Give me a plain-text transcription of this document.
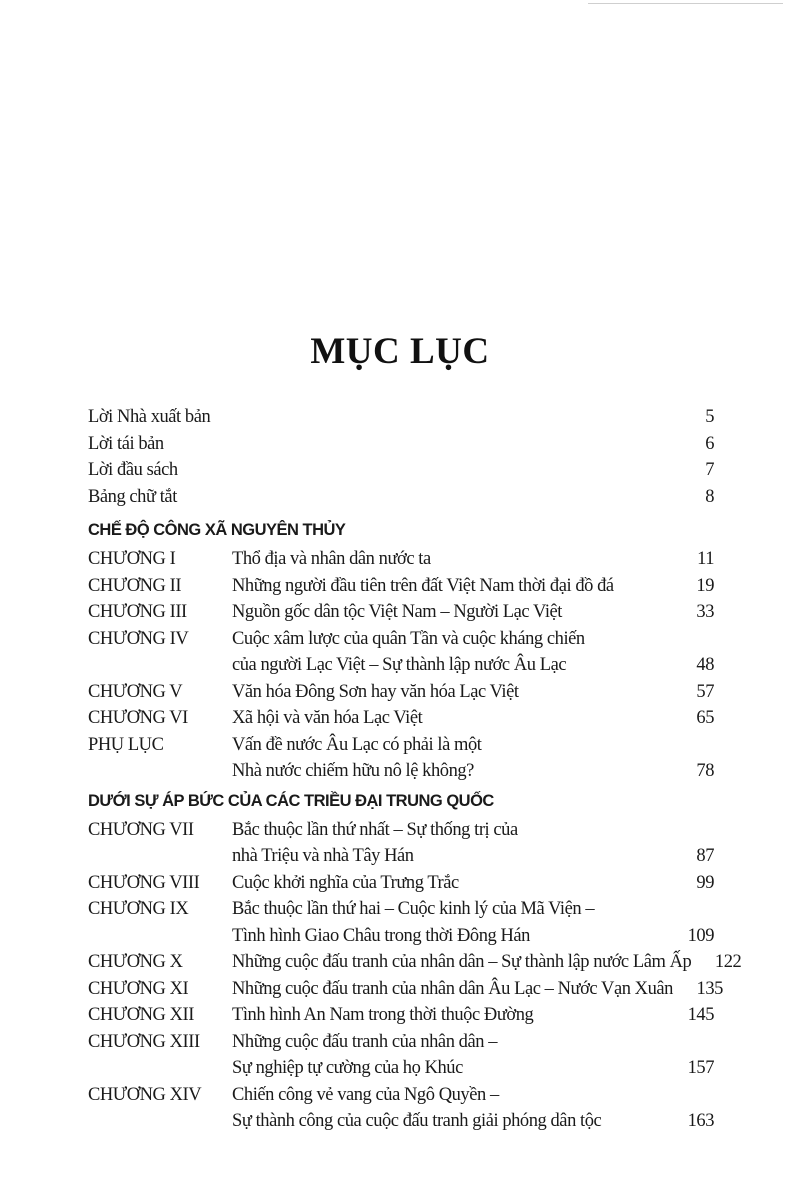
MỤC LỤC
Lời Nhà xuất bản	5
Lời tái bản	6
Lời đầu sách	7
Bảng chữ tắt	8
CHẾ ĐỘ CÔNG XÃ NGUYÊN THỦY
CHƯƠNG I	Thổ địa và nhân dân nước ta	11
CHƯƠNG II	Những người đầu tiên trên đất Việt Nam thời đại đồ đá	19
CHƯƠNG III	Nguồn gốc dân tộc Việt Nam – Người Lạc Việt	33
CHƯƠNG IV	Cuộc xâm lược của quân Tần và cuộc kháng chiến
của người Lạc Việt – Sự thành lập nước Âu Lạc	48
CHƯƠNG V	Văn hóa Đông Sơn hay văn hóa Lạc Việt	57
CHƯƠNG VI	Xã hội và văn hóa Lạc Việt	65
PHỤ LỤC	Vấn đề nước Âu Lạc có phải là một
Nhà nước chiếm hữu nô lệ không?	78
DƯỚI SỰ ÁP BỨC CỦA CÁC TRIỀU ĐẠI TRUNG QUỐC
CHƯƠNG VII	Bắc thuộc lần thứ nhất – Sự thống trị của
nhà Triệu và nhà Tây Hán	87
CHƯƠNG VIII	Cuộc khởi nghĩa của Trưng Trắc	99
CHƯƠNG IX	Bắc thuộc lần thứ hai – Cuộc kinh lý của Mã Viện –
Tình hình Giao Châu trong thời Đông Hán	109
CHƯƠNG X	Những cuộc đấu tranh của nhân dân – Sự thành lập nước Lâm Ấp	122
CHƯƠNG XI	Những cuộc đấu tranh của nhân dân Âu Lạc – Nước Vạn Xuân	135
CHƯƠNG XII	Tình hình An Nam trong thời thuộc Đường	145
CHƯƠNG XIII	Những cuộc đấu tranh của nhân dân –
Sự nghiệp tự cường của họ Khúc	157
CHƯƠNG XIV	Chiến công vẻ vang của Ngô Quyền –
Sự thành công của cuộc đấu tranh giải phóng dân tộc	163
